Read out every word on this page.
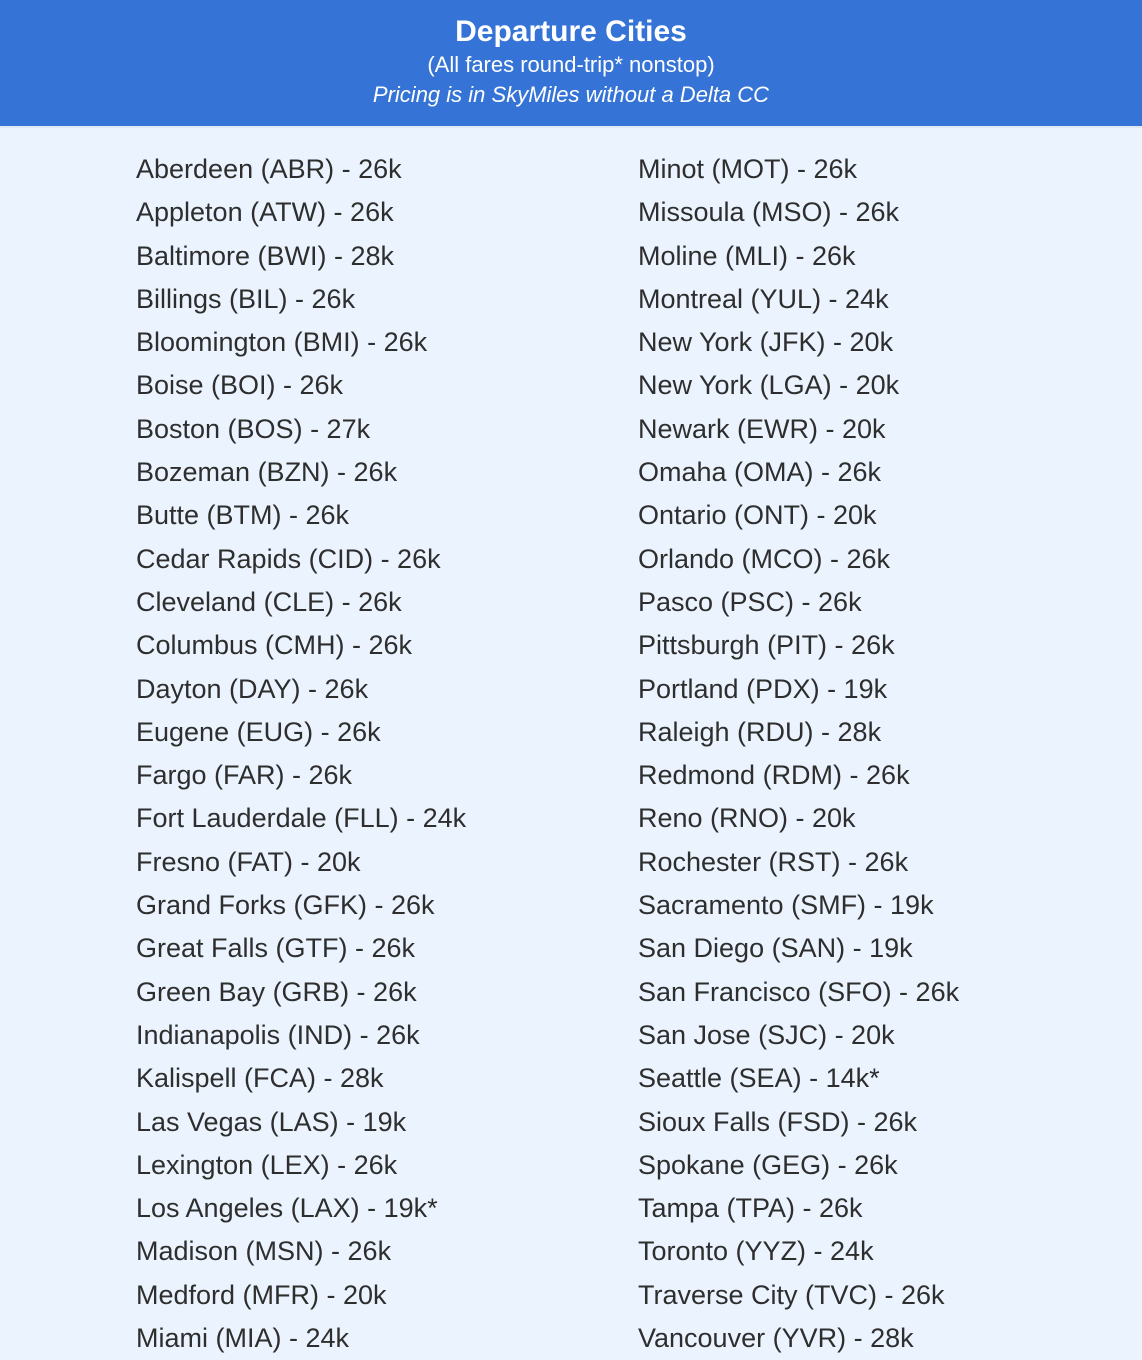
Departure Cities
(All fares round-trip* nonstop)
Pricing is in SkyMiles without a Delta CC
Aberdeen (ABR) - 26k
Appleton (ATW) - 26k
Baltimore (BWI) - 28k
Billings (BIL) - 26k
Bloomington (BMI) - 26k
Boise (BOI) - 26k
Boston (BOS) - 27k
Bozeman (BZN) - 26k
Butte (BTM) - 26k
Cedar Rapids (CID) - 26k
Cleveland (CLE) - 26k
Columbus (CMH) - 26k
Dayton (DAY) - 26k
Eugene (EUG) - 26k
Fargo (FAR) - 26k
Fort Lauderdale (FLL) - 24k
Fresno (FAT) - 20k
Grand Forks (GFK) - 26k
Great Falls (GTF) - 26k
Green Bay (GRB) - 26k
Indianapolis (IND) - 26k
Kalispell (FCA) - 28k
Las Vegas (LAS) - 19k
Lexington (LEX) - 26k
Los Angeles (LAX) - 19k*
Madison (MSN) - 26k
Medford (MFR) - 20k
Miami (MIA) - 24k
Minot (MOT) - 26k
Missoula (MSO) - 26k
Moline (MLI) - 26k
Montreal (YUL) - 24k
New York (JFK) - 20k
New York (LGA) - 20k
Newark (EWR) - 20k
Omaha (OMA) - 26k
Ontario (ONT) - 20k
Orlando (MCO) - 26k
Pasco (PSC) - 26k
Pittsburgh (PIT) - 26k
Portland (PDX) - 19k
Raleigh (RDU) - 28k
Redmond (RDM) - 26k
Reno (RNO) - 20k
Rochester (RST) - 26k
Sacramento (SMF) - 19k
San Diego (SAN) - 19k
San Francisco (SFO) - 26k
San Jose (SJC) - 20k
Seattle (SEA) - 14k*
Sioux Falls (FSD) - 26k
Spokane (GEG) - 26k
Tampa (TPA) - 26k
Toronto (YYZ) - 24k
Traverse City (TVC) - 26k
Vancouver (YVR) - 28k
